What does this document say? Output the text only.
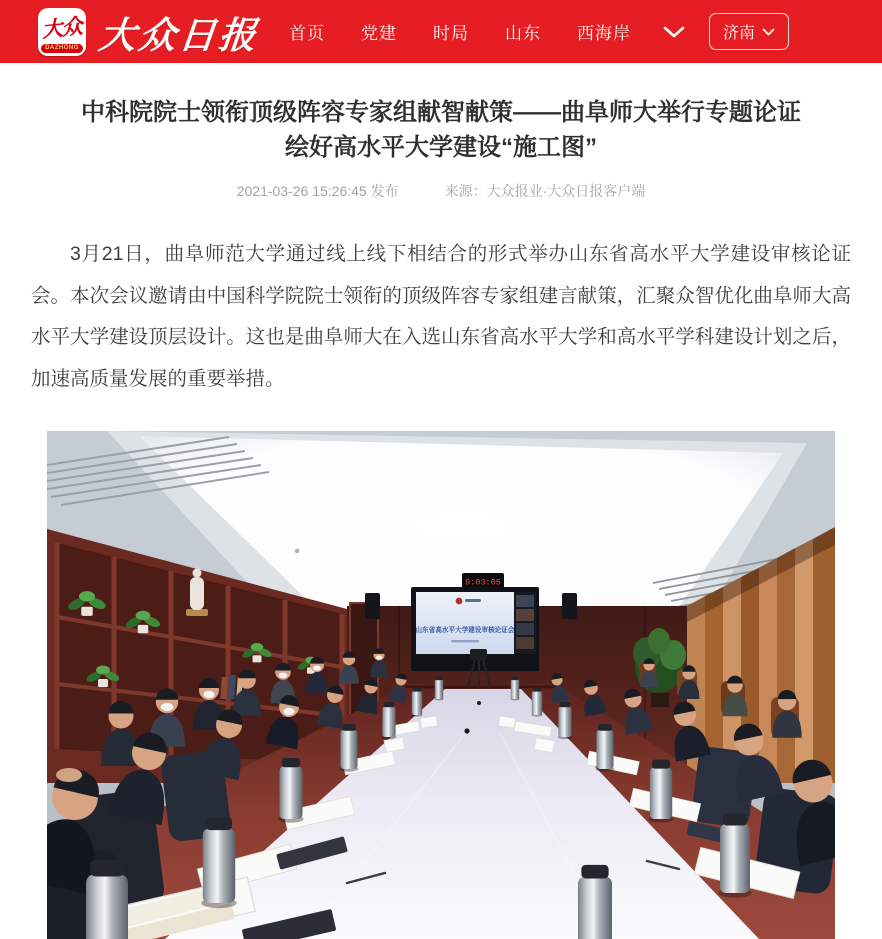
大众
DAZHONG 大众日报 首页 党建 时局 山东 西海岸	济南
中科院院士领衔顶级阵容专家组献智献策——曲阜师大举行专题论证
绘好高水平大学建设“施工图”
2021-03-26 15:26:45 发布	来源：大众报业·大众日报客户端

3月21日，曲阜师范大学通过线上线下相结合的形式举办山东省高水平大学建设审核论证会。本次会议邀请由中国科学院院士领衔的顶级阵容专家组建言献策，汇聚众智优化曲阜师大高水平大学建设顶层设计。这也是曲阜师大在入选山东省高水平大学和高水平学科建设计划之后，加速高质量发展的重要举措。

9:03:05
山东省高水平大学建设审核论证会
